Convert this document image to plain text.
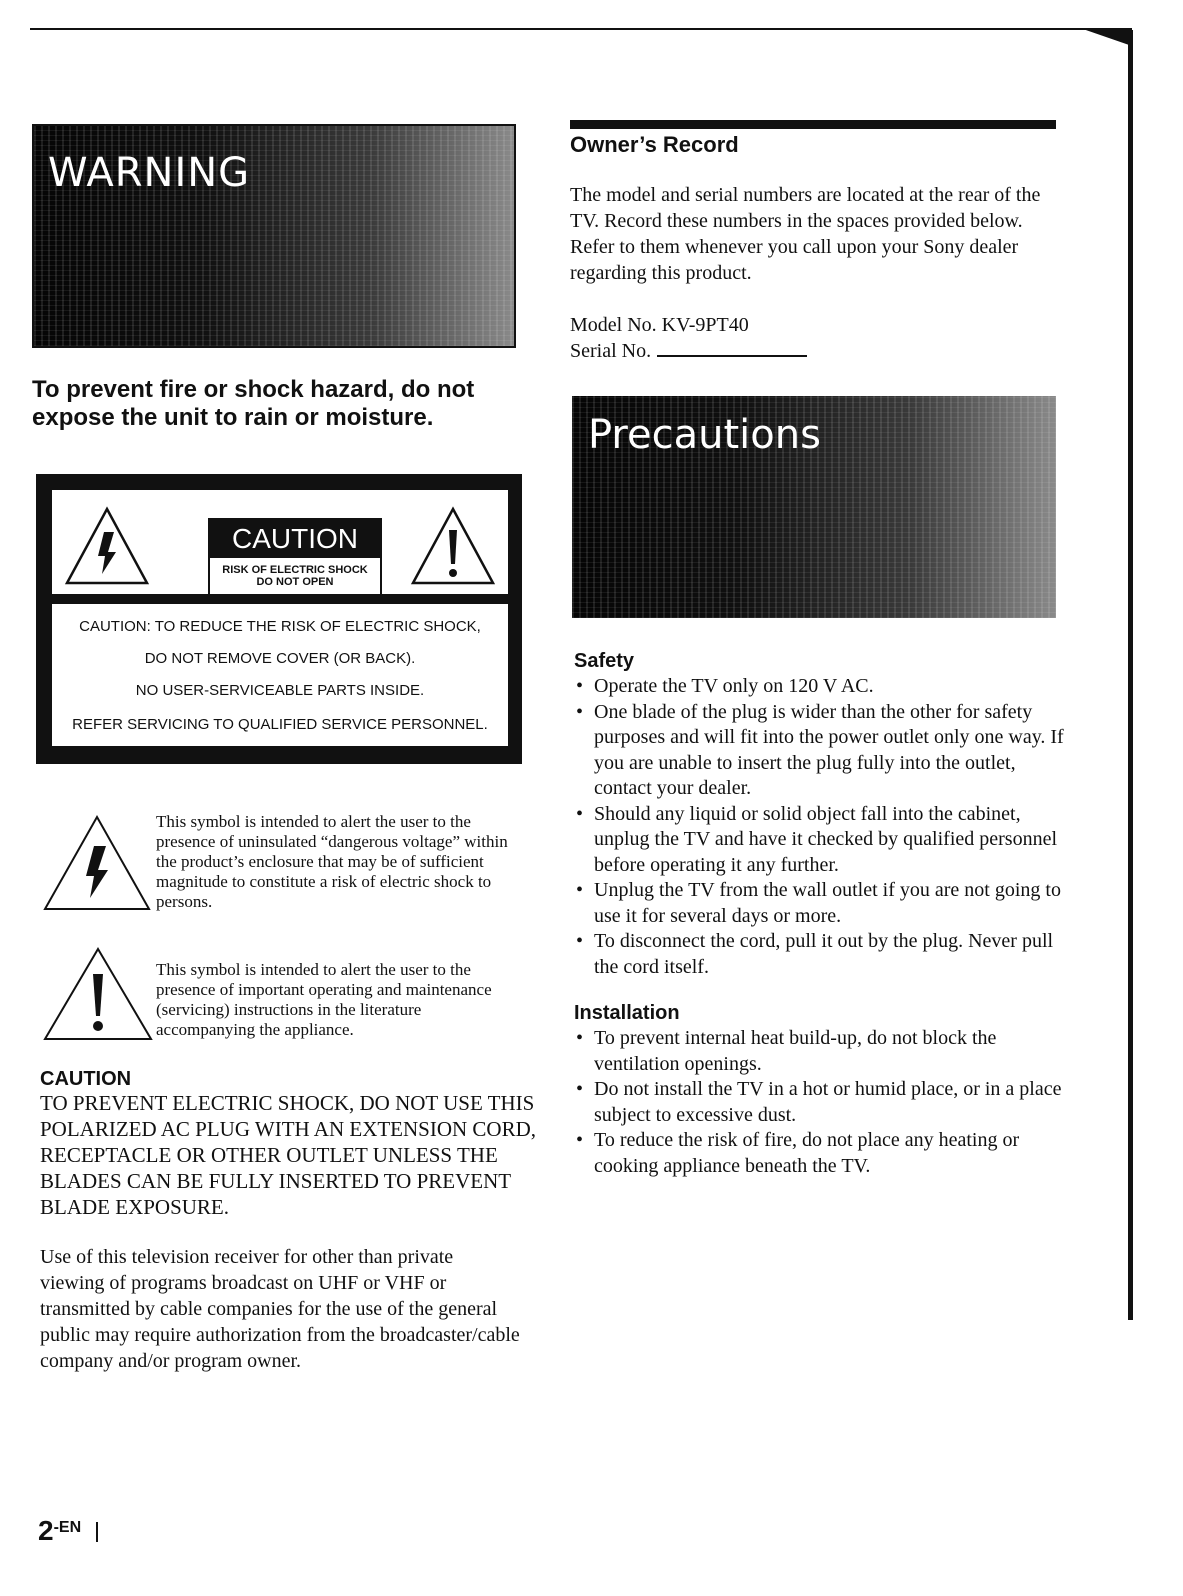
WARNING
To prevent fire or shock hazard, do not expose the unit to rain or moisture.
CAUTION
RISK OF ELECTRIC SHOCK
DO NOT OPEN
CAUTION: TO REDUCE THE RISK OF ELECTRIC SHOCK,
DO NOT REMOVE COVER (OR BACK).
NO USER-SERVICEABLE PARTS INSIDE.
REFER SERVICING TO QUALIFIED SERVICE PERSONNEL.
This symbol is intended to alert the user to the presence of uninsulated “dangerous voltage” within the product’s enclosure that may be of sufficient magnitude to constitute a risk of electric shock to persons.
This symbol is intended to alert the user to the presence of important operating and maintenance (servicing) instructions in the literature accompanying the appliance.
CAUTION
TO PREVENT ELECTRIC SHOCK, DO NOT USE THIS POLARIZED AC PLUG WITH AN EXTENSION CORD, RECEPTACLE OR OTHER OUTLET UNLESS THE BLADES CAN BE FULLY INSERTED TO PREVENT BLADE EXPOSURE.
Use of this television receiver for other than private viewing of programs broadcast on UHF or VHF or transmitted by cable companies for the use of the general public may require authorization from the broadcaster/cable company and/or program owner.
$2^{-EN}$
Owner’s Record
The model and serial numbers are located at the rear of the TV. Record these numbers in the spaces provided below. Refer to them whenever you call upon your Sony dealer regarding this product.
Model No. KV-9PT40
Serial No.
Precautions
Safety
• Operate the TV only on 120 V AC.
• One blade of the plug is wider than the other for safety purposes and will fit into the power outlet only one way. If you are unable to insert the plug fully into the outlet, contact your dealer.
• Should any liquid or solid object fall into the cabinet, unplug the TV and have it checked by qualified personnel before operating it any further.
• Unplug the TV from the wall outlet if you are not going to use it for several days or more.
• To disconnect the cord, pull it out by the plug. Never pull the cord itself.
Installation
• To prevent internal heat build-up, do not block the ventilation openings.
• Do not install the TV in a hot or humid place, or in a place subject to excessive dust.
• To reduce the risk of fire, do not place any heating or cooking appliance beneath the TV.
